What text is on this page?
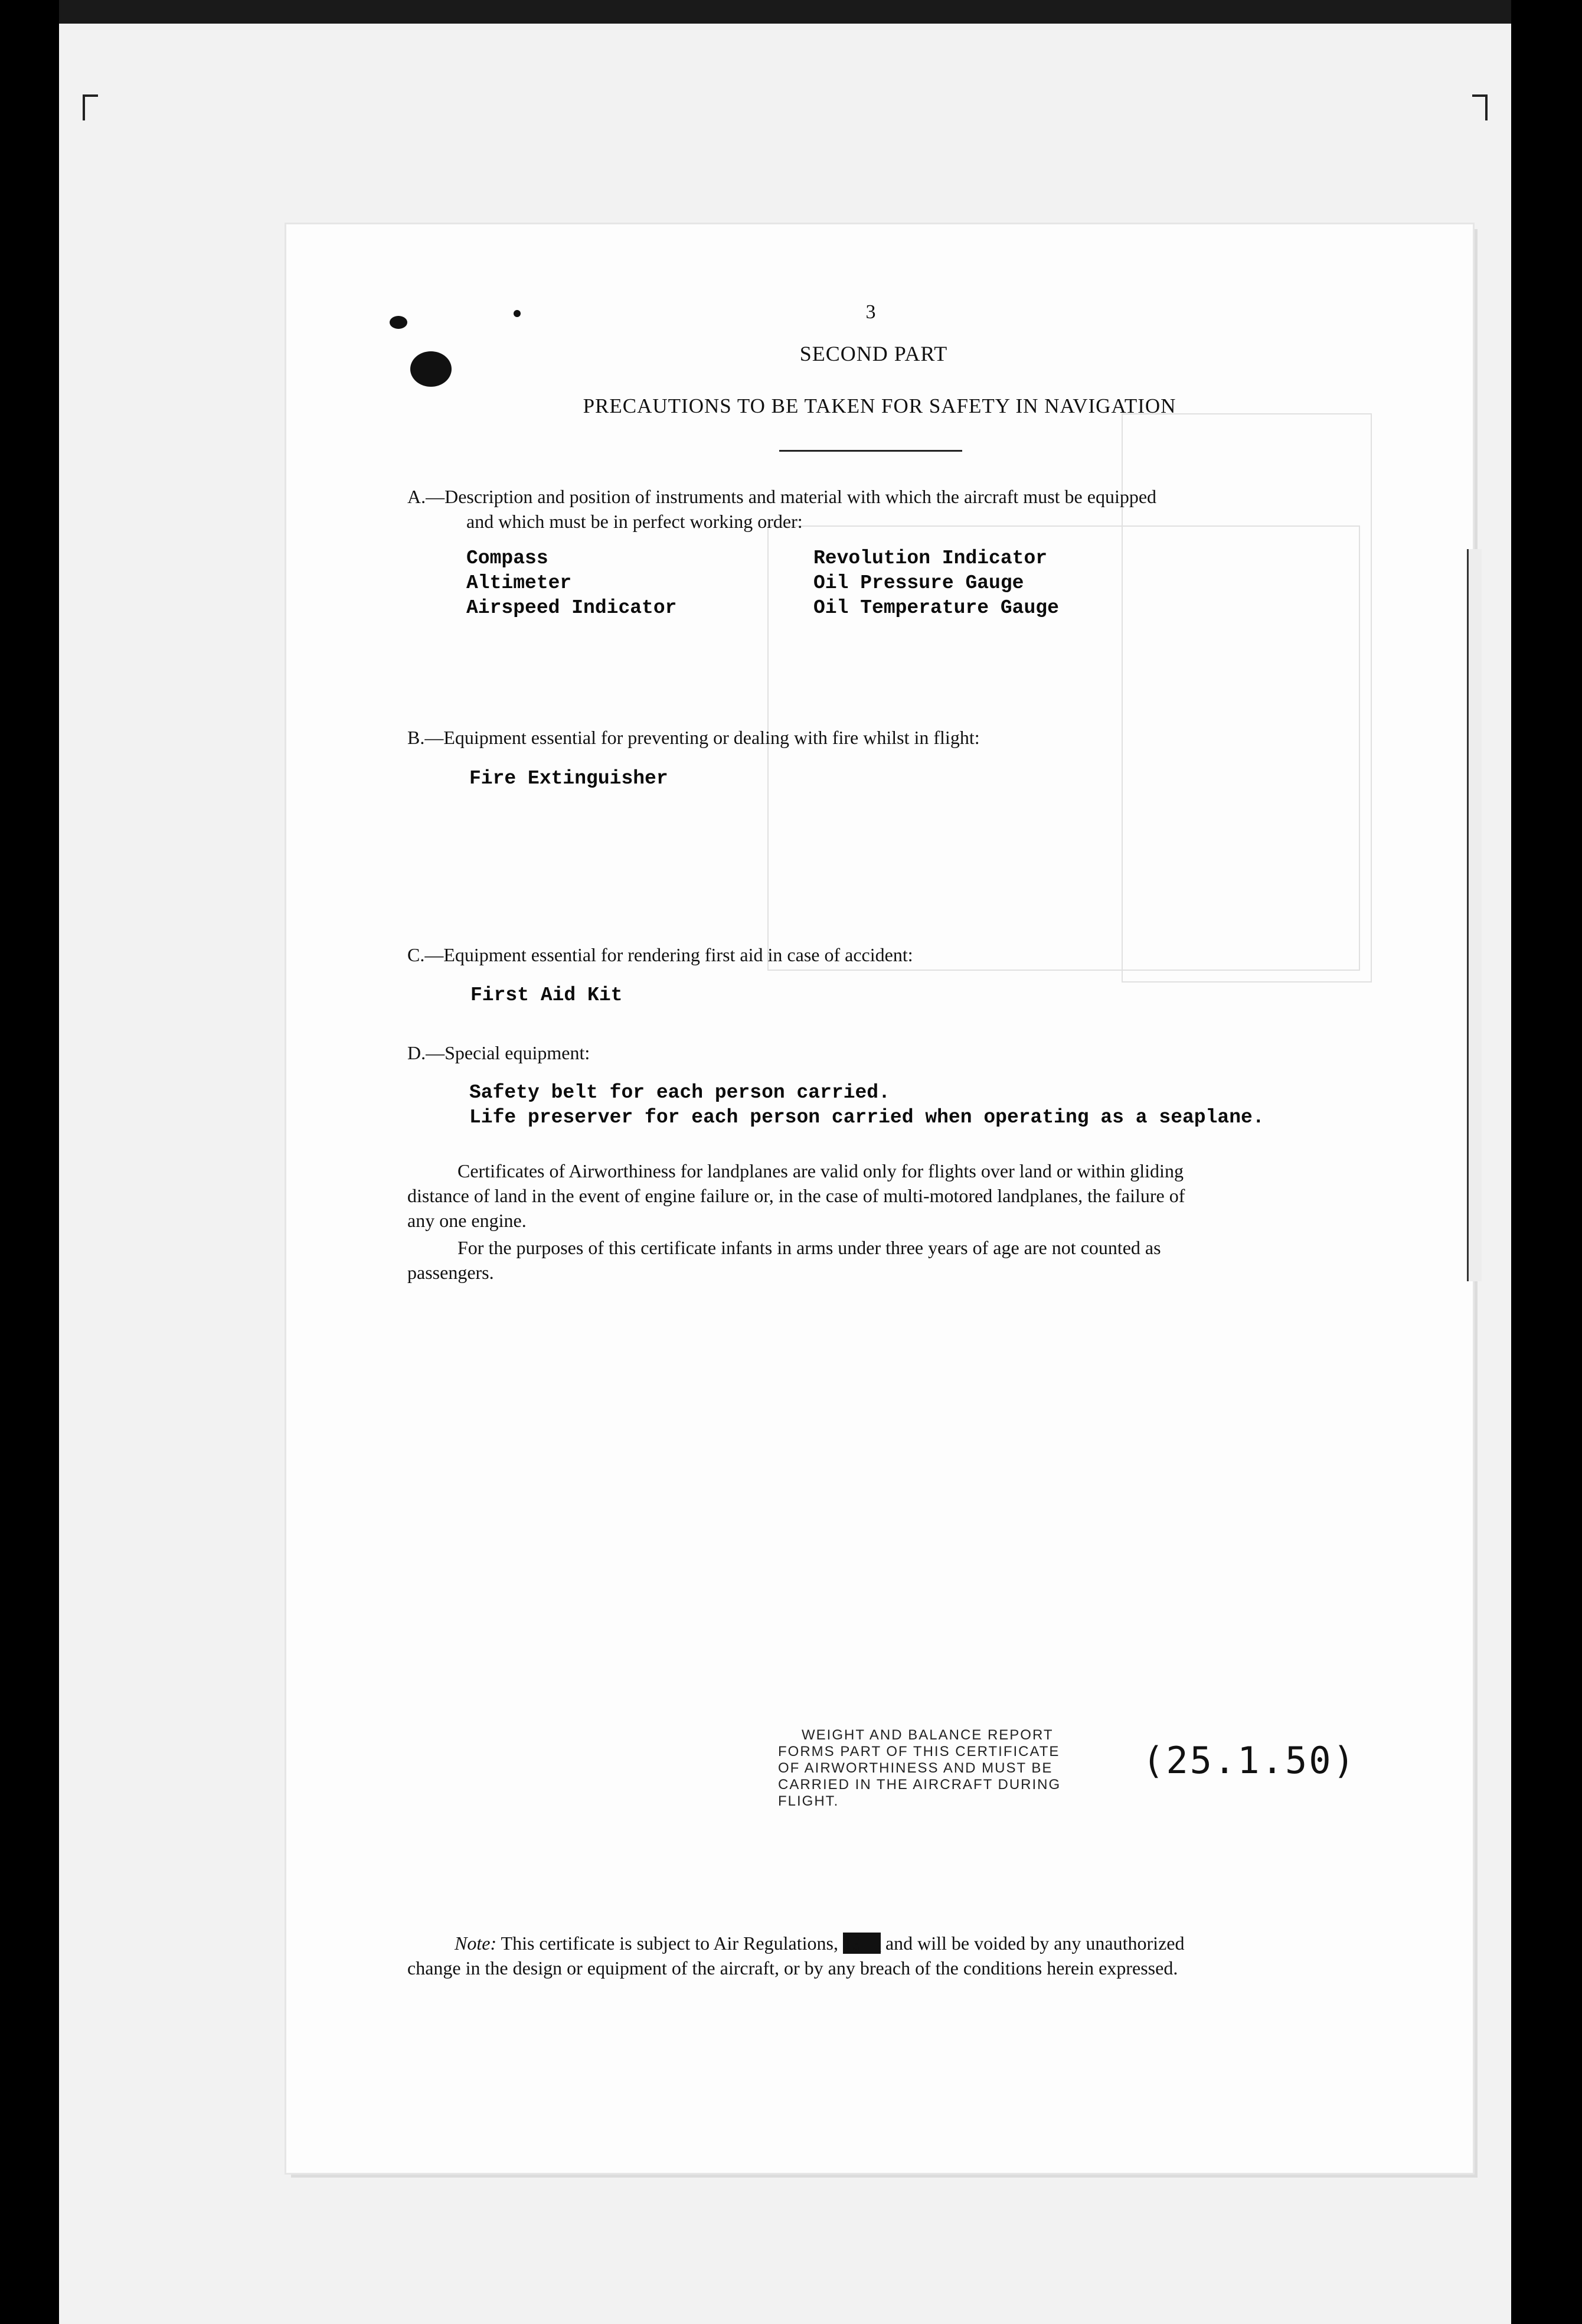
3
SECOND PART
PRECAUTIONS TO BE TAKEN FOR SAFETY IN NAVIGATION
A.—Description and position of instruments and material with which the aircraft must be equipped
and which must be in perfect working order:
Compass
Altimeter
Airspeed Indicator
Revolution Indicator
Oil Pressure Gauge
Oil Temperature Gauge
B.—Equipment essential for preventing or dealing with fire whilst in flight:
Fire Extinguisher
C.—Equipment essential for rendering first aid in case of accident:
First Aid Kit
D.—Special equipment:
Safety belt for each person carried.
Life preserver for each person carried when operating as a seaplane.
Certificates of Airworthiness for landplanes are valid only for flights over land or within gliding
distance of land in the event of engine failure or, in the case of multi-motored landplanes, the failure of
any one engine.
For the purposes of this certificate infants in arms under three years of age are not counted as
passengers.
WEIGHT AND BALANCE REPORT
FORMS PART OF THIS CERTIFICATE
OF AIRWORTHINESS AND MUST BE
CARRIED IN THE AIRCRAFT DURING
FLIGHT.
(25.1.50)
Note: This certificate is subject to Air Regulations, 19__ and will be voided by any unauthorized
change in the design or equipment of the aircraft, or by any breach of the conditions herein expressed.
